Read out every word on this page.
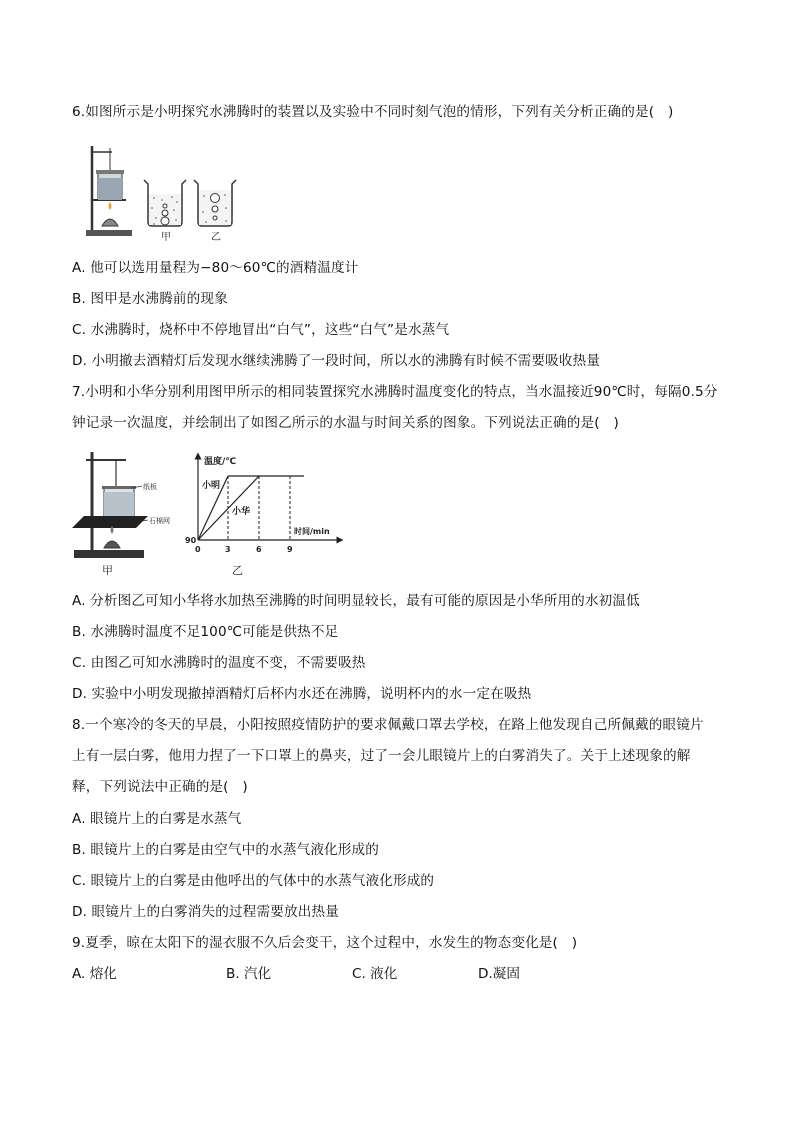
6.如图所示是小明探究水沸腾时的装置以及实验中不同时刻气泡的情形，下列有关分析正确的是(　)
甲	乙
A. 他可以选用量程为−80～60℃的酒精温度计
B. 图甲是水沸腾前的现象
C. 水沸腾时，烧杯中不停地冒出“白气”，这些“白气”是水蒸气
D. 小明撤去酒精灯后发现水继续沸腾了一段时间，所以水的沸腾有时候不需要吸收热量
7.小明和小华分别利用图甲所示的相同装置探究水沸腾时温度变化的特点，当水温接近90℃时，每隔0.5分
钟记录一次温度，并绘制出了如图乙所示的水温与时间关系的图象。下列说法正确的是(　)
纸板
石棉网
甲
温度/℃
时间/min
小明
小华
90
0	3	6	9
乙
A. 分析图乙可知小华将水加热至沸腾的时间明显较长，最有可能的原因是小华所用的水初温低
B. 水沸腾时温度不足100℃可能是供热不足
C. 由图乙可知水沸腾时的温度不变，不需要吸热
D. 实验中小明发现撤掉酒精灯后杯内水还在沸腾，说明杯内的水一定在吸热
8.一个寒冷的冬天的早晨，小阳按照疫情防护的要求佩戴口罩去学校，在路上他发现自己所佩戴的眼镜片
上有一层白雾，他用力捏了一下口罩上的鼻夹，过了一会儿眼镜片上的白雾消失了。关于上述现象的解
释，下列说法中正确的是(　)
A. 眼镜片上的白雾是水蒸气
B. 眼镜片上的白雾是由空气中的水蒸气液化形成的
C. 眼镜片上的白雾是由他呼出的气体中的水蒸气液化形成的
D. 眼镜片上的白雾消失的过程需要放出热量
9.夏季，晾在太阳下的湿衣服不久后会变干，这个过程中，水发生的物态变化是(　)
A. 熔化	B. 汽化	C. 液化	D.凝固
